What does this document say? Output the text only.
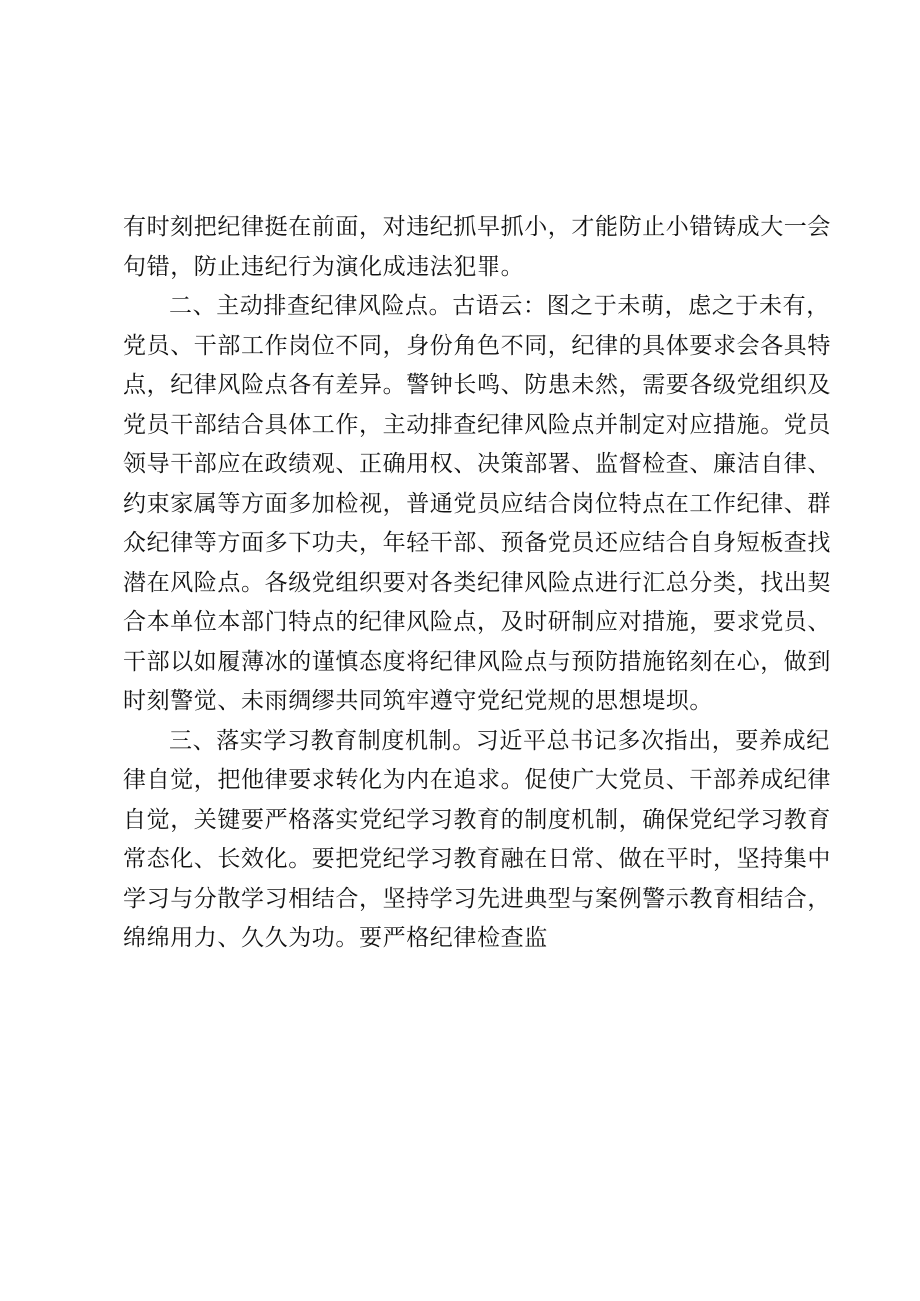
有时刻把纪律挺在前面，对违纪抓早抓小，才能防止小错铸成大一会
句错，防止违纪行为演化成违法犯罪。
二、主动排查纪律风险点。古语云：图之于未萌，虑之于未有，
党员、干部工作岗位不同，身份角色不同，纪律的具体要求会各具特
点，纪律风险点各有差异。警钟长鸣、防患未然，需要各级党组织及
党员干部结合具体工作，主动排查纪律风险点并制定对应措施。党员
领导干部应在政绩观、正确用权、决策部署、监督检查、廉洁自律、
约束家属等方面多加检视，普通党员应结合岗位特点在工作纪律、群
众纪律等方面多下功夫，年轻干部、预备党员还应结合自身短板查找
潜在风险点。各级党组织要对各类纪律风险点进行汇总分类，找出契
合本单位本部门特点的纪律风险点，及时研制应对措施，要求党员、
干部以如履薄冰的谨慎态度将纪律风险点与预防措施铭刻在心，做到
时刻警觉、未雨绸缪共同筑牢遵守党纪党规的思想堤坝。
三、落实学习教育制度机制。习近平总书记多次指出，要养成纪
律自觉，把他律要求转化为内在追求。促使广大党员、干部养成纪律
自觉，关键要严格落实党纪学习教育的制度机制，确保党纪学习教育
常态化、长效化。要把党纪学习教育融在日常、做在平时，坚持集中
学习与分散学习相结合，坚持学习先进典型与案例警示教育相结合，
绵绵用力、久久为功。要严格纪律检查监
